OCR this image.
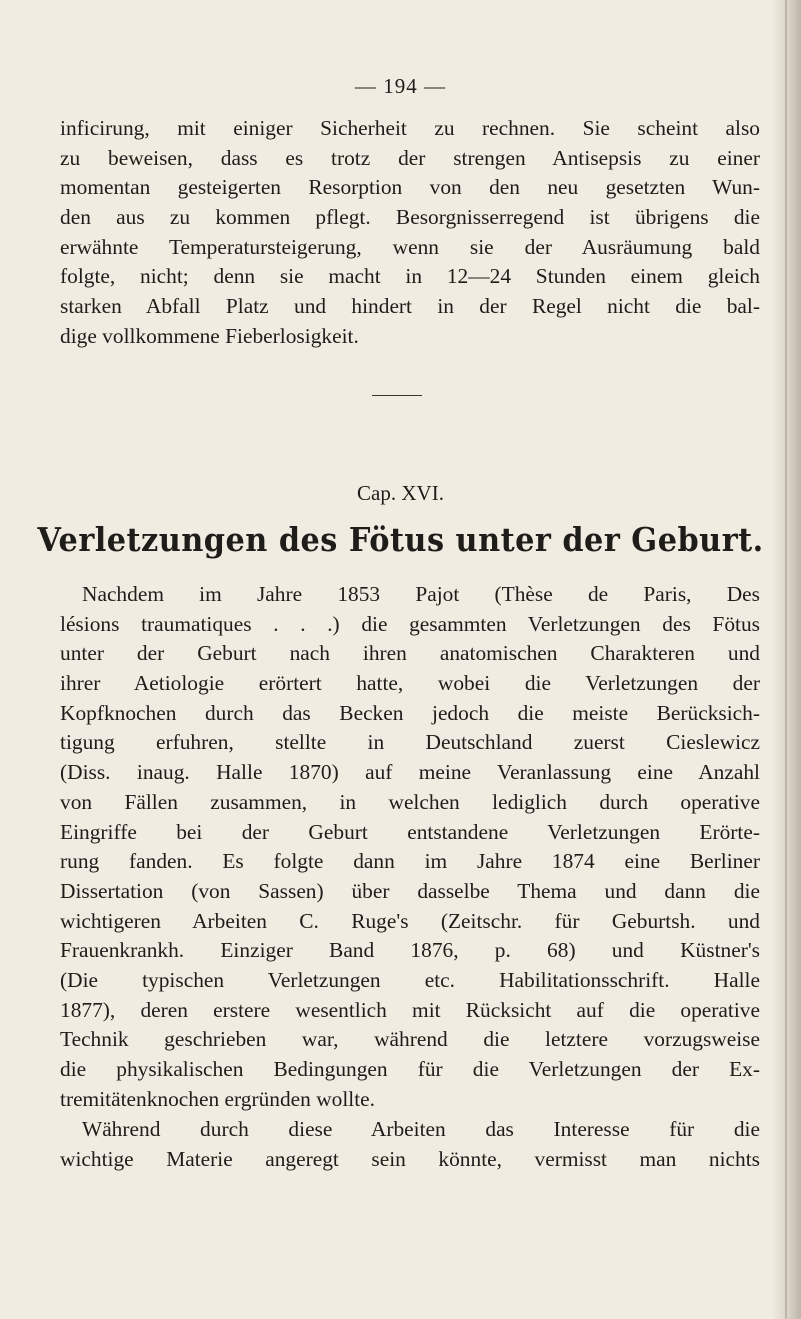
— 194 —
inficirung, mit einiger Sicherheit zu rechnen. Sie scheint also
zu beweisen, dass es trotz der strengen Antisepsis zu einer
momentan gesteigerten Resorption von den neu gesetzten Wun-
den aus zu kommen pflegt. Besorgnisserregend ist übrigens die
erwähnte Temperatursteigerung, wenn sie der Ausräumung bald
folgte, nicht; denn sie macht in 12—24 Stunden einem gleich
starken Abfall Platz und hindert in der Regel nicht die bal-
dige vollkommene Fieberlosigkeit.
Cap. XVI.
Verletzungen des Fötus unter der Geburt.
Nachdem im Jahre 1853 Pajot (Thèse de Paris, Des
lésions traumatiques . . .) die gesammten Verletzungen des Fötus
unter der Geburt nach ihren anatomischen Charakteren und
ihrer Aetiologie erörtert hatte, wobei die Verletzungen der
Kopfknochen durch das Becken jedoch die meiste Berücksich-
tigung erfuhren, stellte in Deutschland zuerst Cieslewicz
(Diss. inaug. Halle 1870) auf meine Veranlassung eine Anzahl
von Fällen zusammen, in welchen lediglich durch operative
Eingriffe bei der Geburt entstandene Verletzungen Erörte-
rung fanden. Es folgte dann im Jahre 1874 eine Berliner
Dissertation (von Sassen) über dasselbe Thema und dann die
wichtigeren Arbeiten C. Ruge's (Zeitschr. für Geburtsh. und
Frauenkrankh. Einziger Band 1876, p. 68) und Küstner's
(Die typischen Verletzungen etc. Habilitationsschrift. Halle
1877), deren erstere wesentlich mit Rücksicht auf die operative
Technik geschrieben war, während die letztere vorzugsweise
die physikalischen Bedingungen für die Verletzungen der Ex-
tremitätenknochen ergründen wollte.
Während durch diese Arbeiten das Interesse für die
wichtige Materie angeregt sein könnte, vermisst man nichts
